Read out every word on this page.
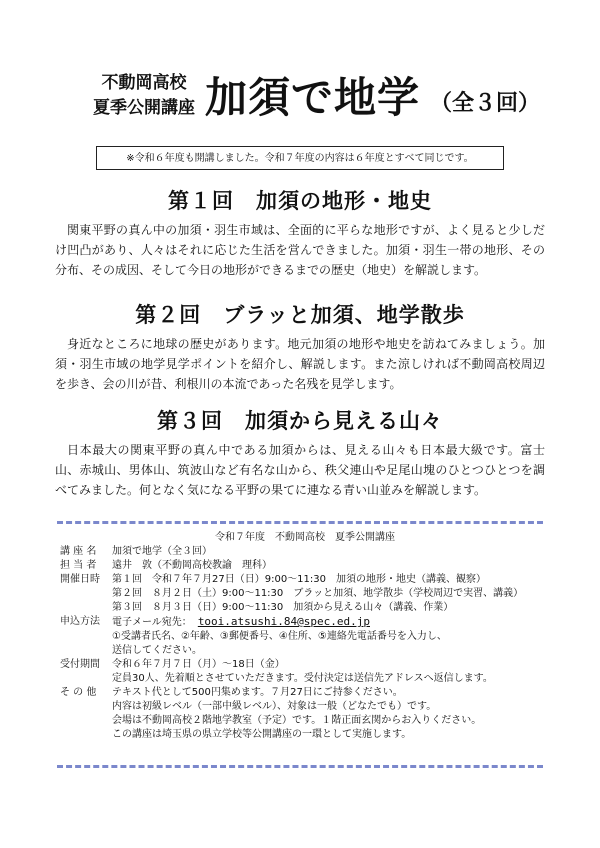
不動岡高校
夏季公開講座 加須で地学 （全３回）
※令和６年度も開講しました。令和７年度の内容は６年度とすべて同じです。
第１回　加須の地形・地史

関東平野の真ん中の加須・羽生市域は、全面的に平らな地形ですが、よく見ると少しだけ凹凸があり、人々はそれに応じた生活を営んできました。加須・羽生一帯の地形、その分布、その成因、そして今日の地形ができるまでの歴史（地史）を解説します。

第２回　ブラッと加須、地学散歩

身近なところに地球の歴史があります。地元加須の地形や地史を訪ねてみましょう。加須・羽生市域の地学見学ポイントを紹介し、解説します。また涼しければ不動岡高校周辺を歩き、会の川が昔、利根川の本流であった名残を見学します。

第３回　加須から見える山々

日本最大の関東平野の真ん中である加須からは、見える山々も日本最大級です。富士山、赤城山、男体山、筑波山など有名な山から、秩父連山や足尾山塊のひとつひとつを調べてみました。何となく気になる平野の果てに連なる青い山並みを解説します。

令和７年度　不動岡高校　夏季公開講座
講 座 名	加須で地学（全３回）
担 当 者	遠井　敦（不動岡高校教諭　理科）
開催日時	第１回　令和７年７月27日（日）9:00～11:30　加須の地形・地史（講義、観察）
第２回　８月２日（土）9:00～11:30　ブラッと加須、地学散歩（学校周辺で実習、講義）
第３回　８月３日（日）9:00～11:30　加須から見える山々（講義、作業）
申込方法	電子メール宛先： tooi.atsushi.84@spec.ed.jp
①受講者氏名、②年齢、③郵便番号、④住所、⑤連絡先電話番号を入力し、
送信してください。
受付期間	令和６年７月７日（月）～18日（金）
定員30人、先着順とさせていただきます。受付決定は送信先アドレスへ返信します。
そ の 他	テキスト代として500円集めます。７月27日にご持参ください。
内容は初級レベル（一部中級レベル）、対象は一般（どなたでも）です。
会場は不動岡高校２階地学教室（予定）です。１階正面玄関からお入りください。
この講座は埼玉県の県立学校等公開講座の一環として実施します。
